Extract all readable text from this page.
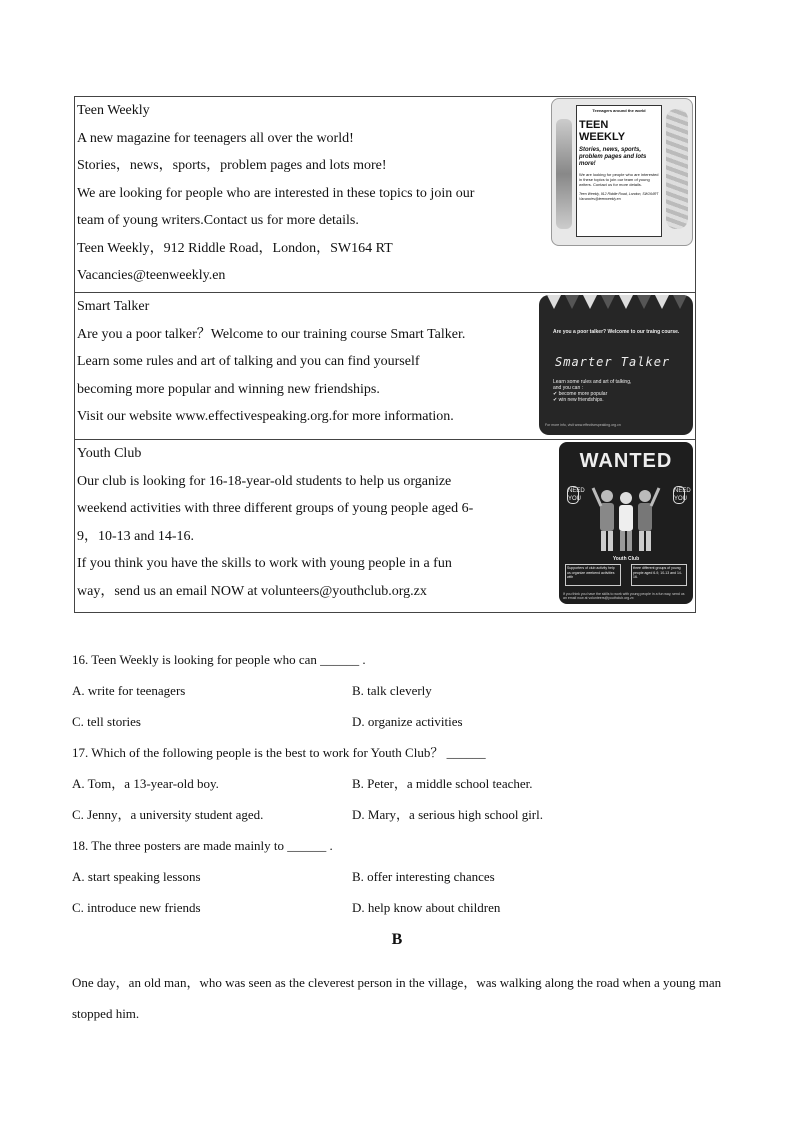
Teen Weekly
A new magazine for teenagers all over the world!
Stories，news，sports，problem pages and lots more!
We are looking for people who are interested in these topics to join our
team of young writers.Contact us for more details.
Teen Weekly，912 Riddle Road，London，SW164 RT
Vacancies@teenweekly.en
Teenagers around the world
TEEN
WEEKLY
Stories, news, sports, problem pages and lots more!
We are looking for people who are interested in these topics to join our team of young writers. Contact us for more details.
Teen Weekly, 912 Riddle Road, London, SW164RT Vacancies@teenweekly.en
Smart Talker
Are you a poor talker？Welcome to our training course Smart Talker.
Learn some rules and art of talking and you can find yourself
becoming more popular and winning new friendships.
Visit our website www.effectivespeaking.org.for more information.
Are you a poor talker? Welcome to our traing course.
Smarter Talker
Learn some rules and art of talking,
and you can :
✔ become more popular
✔ win new friendships.
For more info, visit www.effectivespeaking.org.cn
Youth Club
Our club is looking for 16-18-year-old students to help us organize
weekend activities with three different groups of young people aged 6-
9，10-13 and 14-16.
If you think you have the skills to work with young people in a fun
way，send us an email NOW at volunteers@youthclub.org.zx
WANTED
NEED YOU
NEED YOU
Youth Club
Supporters of club activity help us organize weekend activities with
three different groups of young people aged 6-9, 10-13 and 14-16.
If you think you have the skills to work with young people in a fun way, send us an email now at volunteers@youthclub.org.zx
16. Teen Weekly is looking for people who can ______ .
A. write for teenagers	B. talk cleverly
C. tell stories	D. organize activities
17. Which of the following people is the best to work for Youth Club？ ______
A. Tom，a 13-year-old boy.	B. Peter，a middle school teacher.
C. Jenny，a university student aged.	D. Mary，a serious high school girl.
18. The three posters are made mainly to ______ .
A. start speaking lessons	B. offer interesting chances
C. introduce new friends	D. help know about children
B
One day，an old man，who was seen as the cleverest person in the village，was walking along the road when a young man stopped him.
